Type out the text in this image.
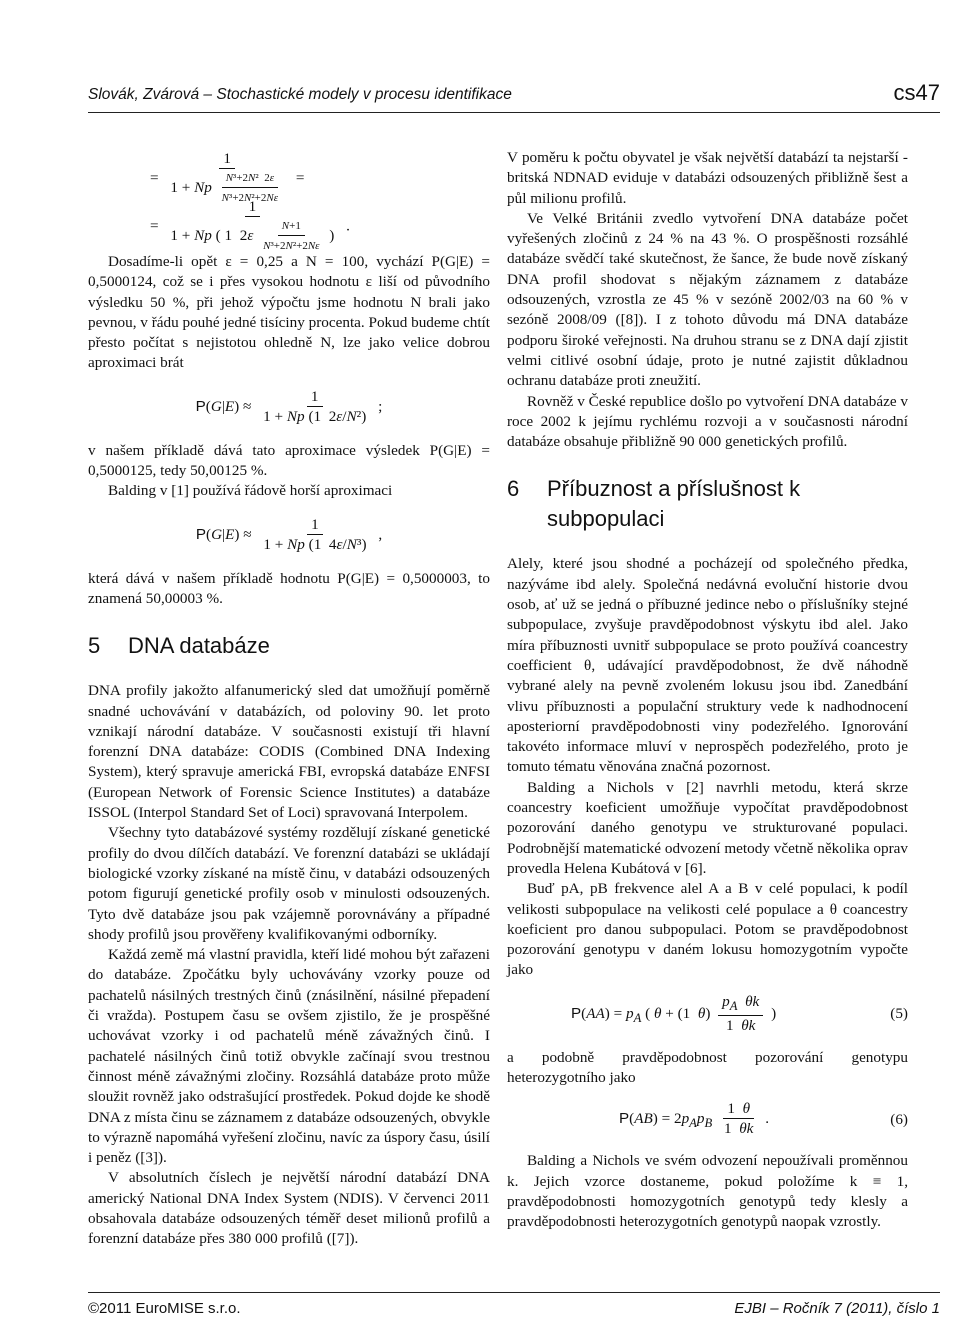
Slovák, Zvárová – Stochastické modely v procesu identifikace	cs47
= $\frac{1}{1 + Np \frac{\text{N³+2N²  2ε}}{\text{N³+2N²+2Nε}}}$ =
= $\frac{1}{1 + Np ( 1 2\varepsilon \frac{N+1}{\text{N³+2N²+2Nε}} )}$ .

Dosadíme-li opět ε = 0,25 a N = 100, vychází P(G|E) = 0,5000124, což se i přes vysokou hodnotu ε liší od původního výsledku 50 %, při jehož výpočtu jsme hodnotu N brali jako pevnou, v řádu pouhé jedné tisíciny procenta. Pokud budeme chtít přesto počítat s nejistotou ohledně N, lze jako velice dobrou aproximaci brát

$P(G|E) \approx \frac{1}{\text{1 + Np (1  2ε/N²)}}$ ;

v našem příkladě dává tato aproximace výsledek P(G|E) = 0,5000125, tedy 50,00125 %.

Balding v [1] používá řádově horší aproximaci

$P(G|E) \approx \frac{1}{\text{1 + Np (1  4ε/N³)}}$ ,

která dává v našem příkladě hodnotu P(G|E) = 0,5000003, to znamená 50,00003 %.

5 DNA databáze

DNA profily jakožto alfanumerický sled dat umožňují poměrně snadné uchovávání v databázích, od poloviny 90. let proto vznikají národní databáze. V současnosti existují tři hlavní forenzní DNA databáze: CODIS (Combined DNA Indexing System), který spravuje americká FBI, evropská databáze ENFSI (European Network of Forensic Science Institutes) a databáze ISSOL (Interpol Standard Set of Loci) spravovaná Interpolem.

Všechny tyto databázové systémy rozdělují získané genetické profily do dvou dílčích databází. Ve forenzní databázi se ukládají biologické vzorky získané na místě činu, v databázi odsouzených potom figurují genetické profily osob v minulosti odsouzených. Tyto dvě databáze jsou pak vzájemně porovnávány a případné shody profilů jsou prověřeny kvalifikovanými odborníky.

Každá země má vlastní pravidla, kteří lidé mohou být zařazeni do databáze. Zpočátku byly uchovávány vzorky pouze od pachatelů násilných trestných činů (znásilnění, násilné přepadení či vražda). Postupem času se ovšem zjistilo, že je prospěšné uchovávat vzorky i od pachatelů méně závažných činů. I pachatelé násilných činů totiž obvykle začínají svou trestnou činnost méně závažnými zločiny. Rozsáhlá databáze proto může sloužit rovněž jako odstrašující prostředek. Pokud dojde ke shodě DNA z místa činu se záznamem z databáze odsouzených, obvykle to výrazně napomáhá vyřešení zločinu, navíc za úspory času, úsilí i peněz ([3]).

V absolutních číslech je největší národní databází DNA americký National DNA Index System (NDIS). V červenci 2011 obsahovala databáze odsouzených téměř deset milionů profilů a forenzní databáze přes 380 000 profilů ([7]).

V poměru k počtu obyvatel je však největší databází ta nejstarší - britská NDNAD eviduje v databázi odsouzených přibližně šest a půl milionu profilů.

Ve Velké Británii zvedlo vytvoření DNA databáze počet vyřešených zločinů z 24 % na 43 %. O prospěšnosti rozsáhlé databáze svědčí také skutečnost, že šance, že bude nově získaný DNA profil shodovat s nějakým záznamem z databáze odsouzených, vzrostla ze 45 % v sezóně 2002/03 na 60 % v sezóně 2008/09 ([8]). I z tohoto důvodu má DNA databáze podporu široké veřejnosti. Na druhou stranu se z DNA dají zjistit velmi citlivé osobní údaje, proto je nutné zajistit důkladnou ochranu databáze proti zneužití.

Rovněž v České republice došlo po vytvoření DNA databáze v roce 2002 k jejímu rychlému rozvoji a v současnosti národní databáze obsahuje přibližně 90 000 genetických profilů.

6	Příbuznost a příslušnost k subpopulaci

Alely, které jsou shodné a pocházejí od společného předka, nazýváme ibd alely. Společná nedávná evoluční historie dvou osob, ať už se jedná o příbuzné jedince nebo o příslušníky stejné subpopulace, zvyšuje pravděpodobnost výskytu ibd alel. Jako míra příbuznosti uvnitř subpopulace se proto používá coancestry coefficient θ, udávající pravděpodobnost, že dvě náhodně vybrané alely na pevně zvoleném lokusu jsou ibd. Zanedbání vlivu příbuznosti a populační struktury vede k nadhodnocení aposteriorní pravděpodobnosti viny podezřelého. Ignorování takovéto informace mluví v neprospěch podezřelého, proto je tomuto tématu věnována značná pozornost.

Balding a Nichols v [2] navrhli metodu, která skrze coancestry koeficient umožňuje vypočítat pravděpodobnost pozorování daného genotypu ve strukturované populaci. Podrobnější matematické odvození metody včetně několika oprav provedla Helena Kubátová v [6].

Buď pA, pB frekvence alel A a B v celé populaci, k podíl velikosti subpopulace na velikosti celé populace a θ coancestry koeficient pro danou subpopulaci. Potom se pravděpodobnost pozorování genotypu v daném lokusu homozygotním vypočte jako

$P(AA) = p_A$ ( θ + (1  $\theta) \frac{p_A \theta k}{1 \theta k}$ )	(5)

a podobně pravděpodobnost pozorování genotypu heterozygotního jako

$P(AB) = 2p_Ap_B \frac{1 \theta}{1 \theta k}$ .	(6)

Balding a Nichols ve svém odvození nepoužívali proměnnou k. Jejich vzorce dostaneme, pokud položíme k ≡ 1, pravděpodobnosti homozygotních genotypů tedy klesly a pravděpodobnosti heterozygotních genotypů naopak vzrostly.

©2011 EuroMISE s.r.o.	EJBI – Ročník 7 (2011), číslo 1
